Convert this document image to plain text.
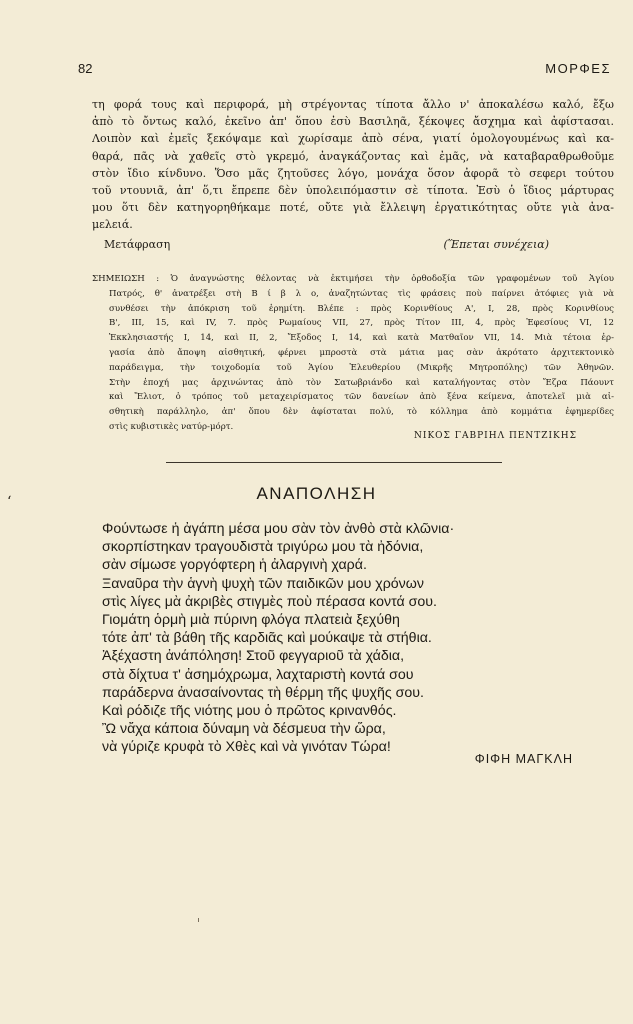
82	ΜΟΡΦΕΣ
τη φορά τους καὶ περιφορά, μὴ στρέγοντας τίποτα ἄλλο ν' ἀποκαλέσω καλό, ἔξω
ἀπὸ τὸ ὄντως καλό, ἐκεῖνο ἀπ' ὅπου ἐσὺ Βασιληᾶ, ξέκοψες ἄσχημα καὶ ἀφίστασαι.
Λοιπὸν καὶ ἐμεῖς ξεκόψαμε καὶ χωρίσαμε ἀπὸ σένα, γιατί ὁμολογουμένως καὶ κα-
θαρά, πᾶς νὰ χαθεῖς στὸ γκρεμό, ἀναγκάζοντας καὶ ἐμᾶς, νὰ καταβαραθρωθοῦμε
στὸν ἴδιο κίνδυνο. Ὅσο μᾶς ζητοῦσες λόγο, μονάχα ὅσον ἀφορᾶ τὸ σεφερι τούτου
τοῦ ντουνιᾶ, ἀπ' ὅ,τι ἔπρεπε δὲν ὑπολειπόμαστιν σὲ τίποτα. Ἐσὺ ὁ ἴδιος μάρτυρας
μου ὅτι δὲν κατηγορηθήκαμε ποτέ, οὔτε γιὰ ἔλλειψη ἐργατικότητας οὔτε γιὰ ἀνα-
μελειά.
Μετάφραση	(Ἕπεται συνέχεια)
ΣΗΜΕΙΩΣΗ : Ὁ ἀναγνώστης θέλοντας νὰ ἐκτιμήσει τὴν ὀρθοδοξία τῶν γραφομένων τοῦ Ἁγίου
Πατρός, θ' ἀνατρέξει στὴ Β ί β λ ο, ἀναζητώντας τὶς φράσεις ποὺ παίρνει ἀτόφιες γιὰ νὰ
συνθέσει τὴν ἀπόκριση τοῦ ἐρημίτη. Βλέπε : πρὸς Κορινθίους Α', Ι, 28, πρὸς Κορινθίους
Β', ΙΙΙ, 15, καὶ IV, 7. πρὸς Ρωμαίους VII, 27, πρὸς Τίτον ΙΙΙ, 4, πρὸς Ἐφεσίους VI, 12
Ἐκκλησιαστής Ι, 14, καὶ ΙΙ, 2, Ἔξοδος Ι, 14, καὶ κατὰ Ματθαῖον VII, 14. Μιὰ τέτοια ἐρ-
γασία ἀπὸ ἄποψη αἰσθητική, φέρνει μπροστὰ στὰ μάτια μας σὰν ἀκρότατο ἀρχιτεκτονικὸ
παράδειγμα, τὴν τοιχοδομία τοῦ Ἁγίου Ἐλευθερίου (Μικρῆς Μητροπόλης) τῶν Ἀθηνῶν.
Στὴν ἐποχή μας ἀρχινώντας ἀπὸ τὸν Σατωβριάνδο καὶ καταλήγοντας στὸν Ἔζρα Πάουντ
καὶ Ἔλιοτ, ὁ τρόπος τοῦ μεταχειρίσματος τῶν δανείων ἀπὸ ξένα κείμενα, ἀποτελεῖ μιὰ αἰ-
σθητικὴ παράλληλο, ἀπ' ὅπου δὲν ἀφίσταται πολύ, τὸ κόλλημα ἀπὸ κομμάτια ἐφημερίδες
στὶς κυβιστικὲς νατύρ-μόρτ.
ΝΙΚΟΣ ΓΑΒΡΙΗΛ ΠΕΝΤΖΙΚΗΣ
‘	ΑΝΑΠΟΛΗΣΗ
Φούντωσε ἡ ἀγάπη μέσα μου σὰν τὸν ἀνθὸ στὰ κλῶνια·
σκορπίστηκαν τραγουδιστὰ τριγύρω μου τὰ ἠδόνια,
σὰν σίμωσε γοργόφτερη ἡ ἀλαργινὴ χαρά.
Ξαναῦρα τὴν ἁγνὴ ψυχὴ τῶν παιδικῶν μου χρόνων
στὶς λίγες μὰ ἀκριβὲς στιγμὲς ποὺ πέρασα κοντά σου.
Γιομάτη ὁρμὴ μιὰ πύρινη φλόγα πλατειὰ ξεχύθη
τότε ἀπ' τὰ βάθη τῆς καρδιᾶς καὶ μούκαψε τὰ στήθια.
Ἀξέχαστη ἀνάπόληση! Στοῦ φεγγαριοῦ τὰ χάδια,
στὰ δίχτυα τ' ἀσημόχρωμα, λαχταριστὴ κοντά σου
παράδερνα ἀνασαίνοντας τὴ θέρμη τῆς ψυχῆς σου.
Καὶ ρόδιζε τῆς νιότης μου ὁ πρῶτος κρινανθός.
Ὢ νἄχα κάποια δύναμη νὰ δέσμευα τὴν ὥρα,
νὰ γύριζε κρυφὰ τὸ Χθὲς καὶ νὰ γινόταν Τώρα!
ΦΙΦΗ ΜΑΓΚΛΗ
